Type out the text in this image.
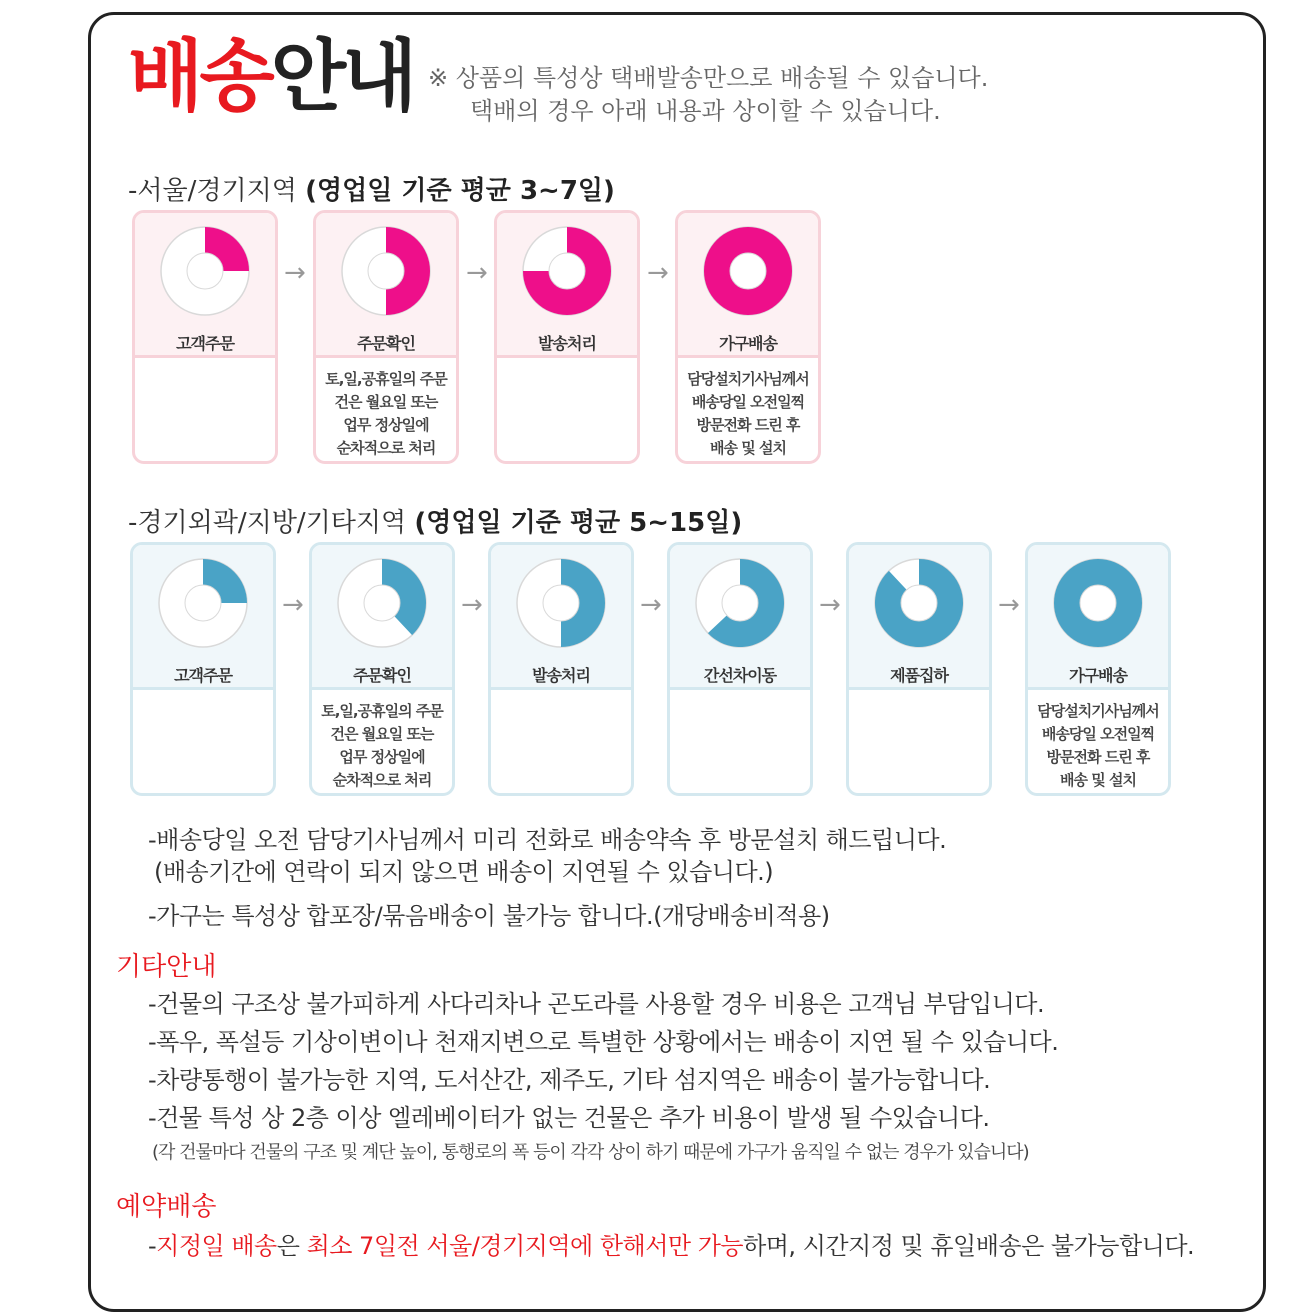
배송안내 ※ 상품의 특성상 택배발송만으로 배송될 수 있습니다.
택배의 경우 아래 내용과 상이할 수 있습니다.
-서울/경기지역 (영업일 기준 평균 3~7일)
고객주문
→
주문확인
토,일,공휴일의 주문
건은 월요일 또는
업무 정상일에
순차적으로 처리
→
발송처리
→
가구배송
담당설치기사님께서
배송당일 오전일찍
방문전화 드린 후
배송 및 설치
-경기외곽/지방/기타지역 (영업일 기준 평균 5~15일)
고객주문
→
주문확인
토,일,공휴일의 주문
건은 월요일 또는
업무 정상일에
순차적으로 처리
→
발송처리
→
간선차이동
→
제품집하
→
가구배송
담당설치기사님께서
배송당일 오전일찍
방문전화 드린 후
배송 및 설치
-배송당일 오전 담당기사님께서 미리 전화로 배송약속 후 방문설치 해드립니다.
(배송기간에 연락이 되지 않으면 배송이 지연될 수 있습니다.)
-가구는 특성상 합포장/묶음배송이 불가능 합니다.(개당배송비적용)
기타안내
-건물의 구조상 불가피하게 사다리차나 곤도라를 사용할 경우 비용은 고객님 부담입니다.
-폭우, 폭설등 기상이변이나 천재지변으로 특별한 상황에서는 배송이 지연 될 수 있습니다.
-차량통행이 불가능한 지역, 도서산간, 제주도, 기타 섬지역은 배송이 불가능합니다.
-건물 특성 상 2층 이상 엘레베이터가 없는 건물은 추가 비용이 발생 될 수있습니다.
(각 건물마다 건물의 구조 및 계단 높이, 통행로의 폭 등이 각각 상이 하기 때문에 가구가 움직일 수 없는 경우가 있습니다)
예약배송
-지정일 배송은 최소 7일전 서울/경기지역에 한해서만 가능하며, 시간지정 및 휴일배송은 불가능합니다.
